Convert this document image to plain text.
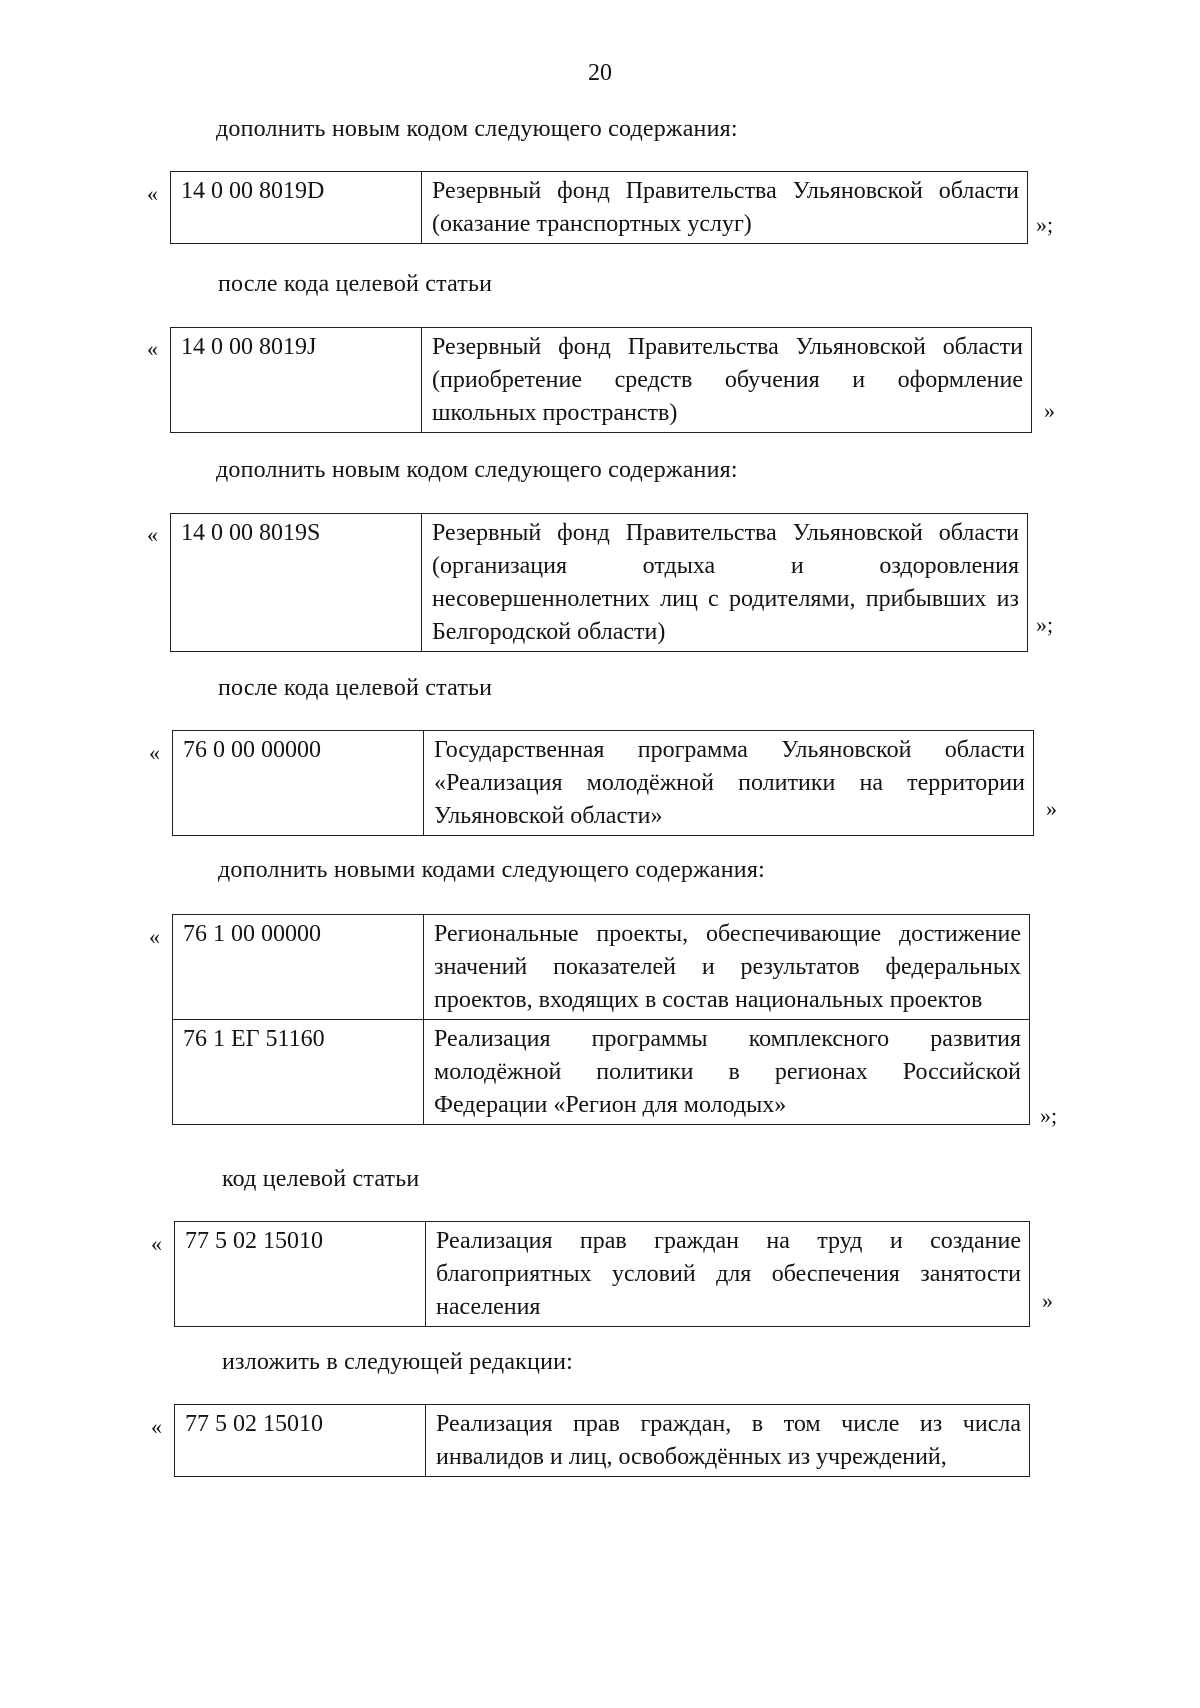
20
дополнить новым кодом следующего содержания:
« 14 0 00 8019D	Резервный фонд Правительства Ульяновской области (оказание транспортных услуг)	»;
после кода целевой статьи
« 14 0 00 8019J	Резервный фонд Правительства Ульяновской области (приобретение средств обучения и оформление школьных пространств)	»
дополнить новым кодом следующего содержания:
« 14 0 00 8019S	Резервный фонд Правительства Ульяновской области (организация отдыха и оздоровления несовершеннолетних лиц с родителями, прибывших из Белгородской области)	»;
после кода целевой статьи
« 76 0 00 00000	Государственная программа Ульяновской области «Реализация молодёжной политики на территории Ульяновской области»	»
дополнить новыми кодами следующего содержания:
« 76 1 00 00000	Региональные проекты, обеспечивающие достижение значений показателей и результатов федеральных проектов, входящих в состав национальных проектов
76 1 ЕГ 51160	Реализация программы комплексного развития молодёжной политики в регионах Российской Федерации «Регион для молодых»	»;
код целевой статьи
« 77 5 02 15010	Реализация прав граждан на труд и создание благоприятных условий для обеспечения занятости населения	»
изложить в следующей редакции:
« 77 5 02 15010	Реализация прав граждан, в том числе из числа инвалидов и лиц, освобождённых из учреждений,
